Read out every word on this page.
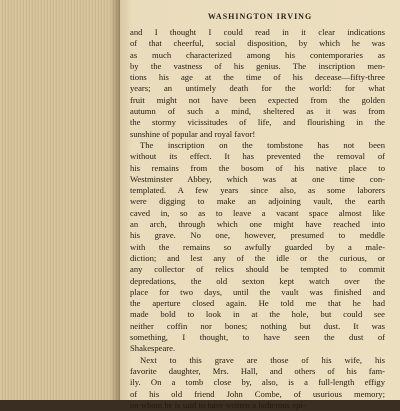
WASHINGTON IRVING
and I thought I could read in it clear indications
of that cheerful, social disposition, by which he was
as much characterized among his contemporaries as
by the vastness of his genius. The inscription men-
tions his age at the time of his decease—fifty-three
years; an untimely death for the world: for what
fruit might not have been expected from the golden
autumn of such a mind, sheltered as it was from
the stormy vicissitudes of life, and flourishing in the
sunshine of popular and royal favor!
The inscription on the tombstone has not been
without its effect. It has prevented the removal of
his remains from the bosom of his native place to
Westminster Abbey, which was at one time con-
templated. A few years since also, as some laborers
were digging to make an adjoining vault, the earth
caved in, so as to leave a vacant space almost like
an arch, through which one might have reached into
his grave. No one, however, presumed to meddle
with the remains so awfully guarded by a male-
diction; and lest any of the idle or the curious, or
any collector of relics should be tempted to commit
depredations, the old sexton kept watch over the
place for two days, until the vault was finished and
the aperture closed again. He told me that he had
made bold to look in at the hole, but could see
neither coffin nor bones; nothing but dust. It was
something, I thought, to have seen the dust of
Shakespeare.
Next to this grave are those of his wife, his
favorite daughter, Mrs. Hall, and others of his fam-
ily. On a tomb close by, also, is a full-length effigy
of his old friend John Combe, of usurious memory;
on whom he is said to have written a ludicrous epi-
